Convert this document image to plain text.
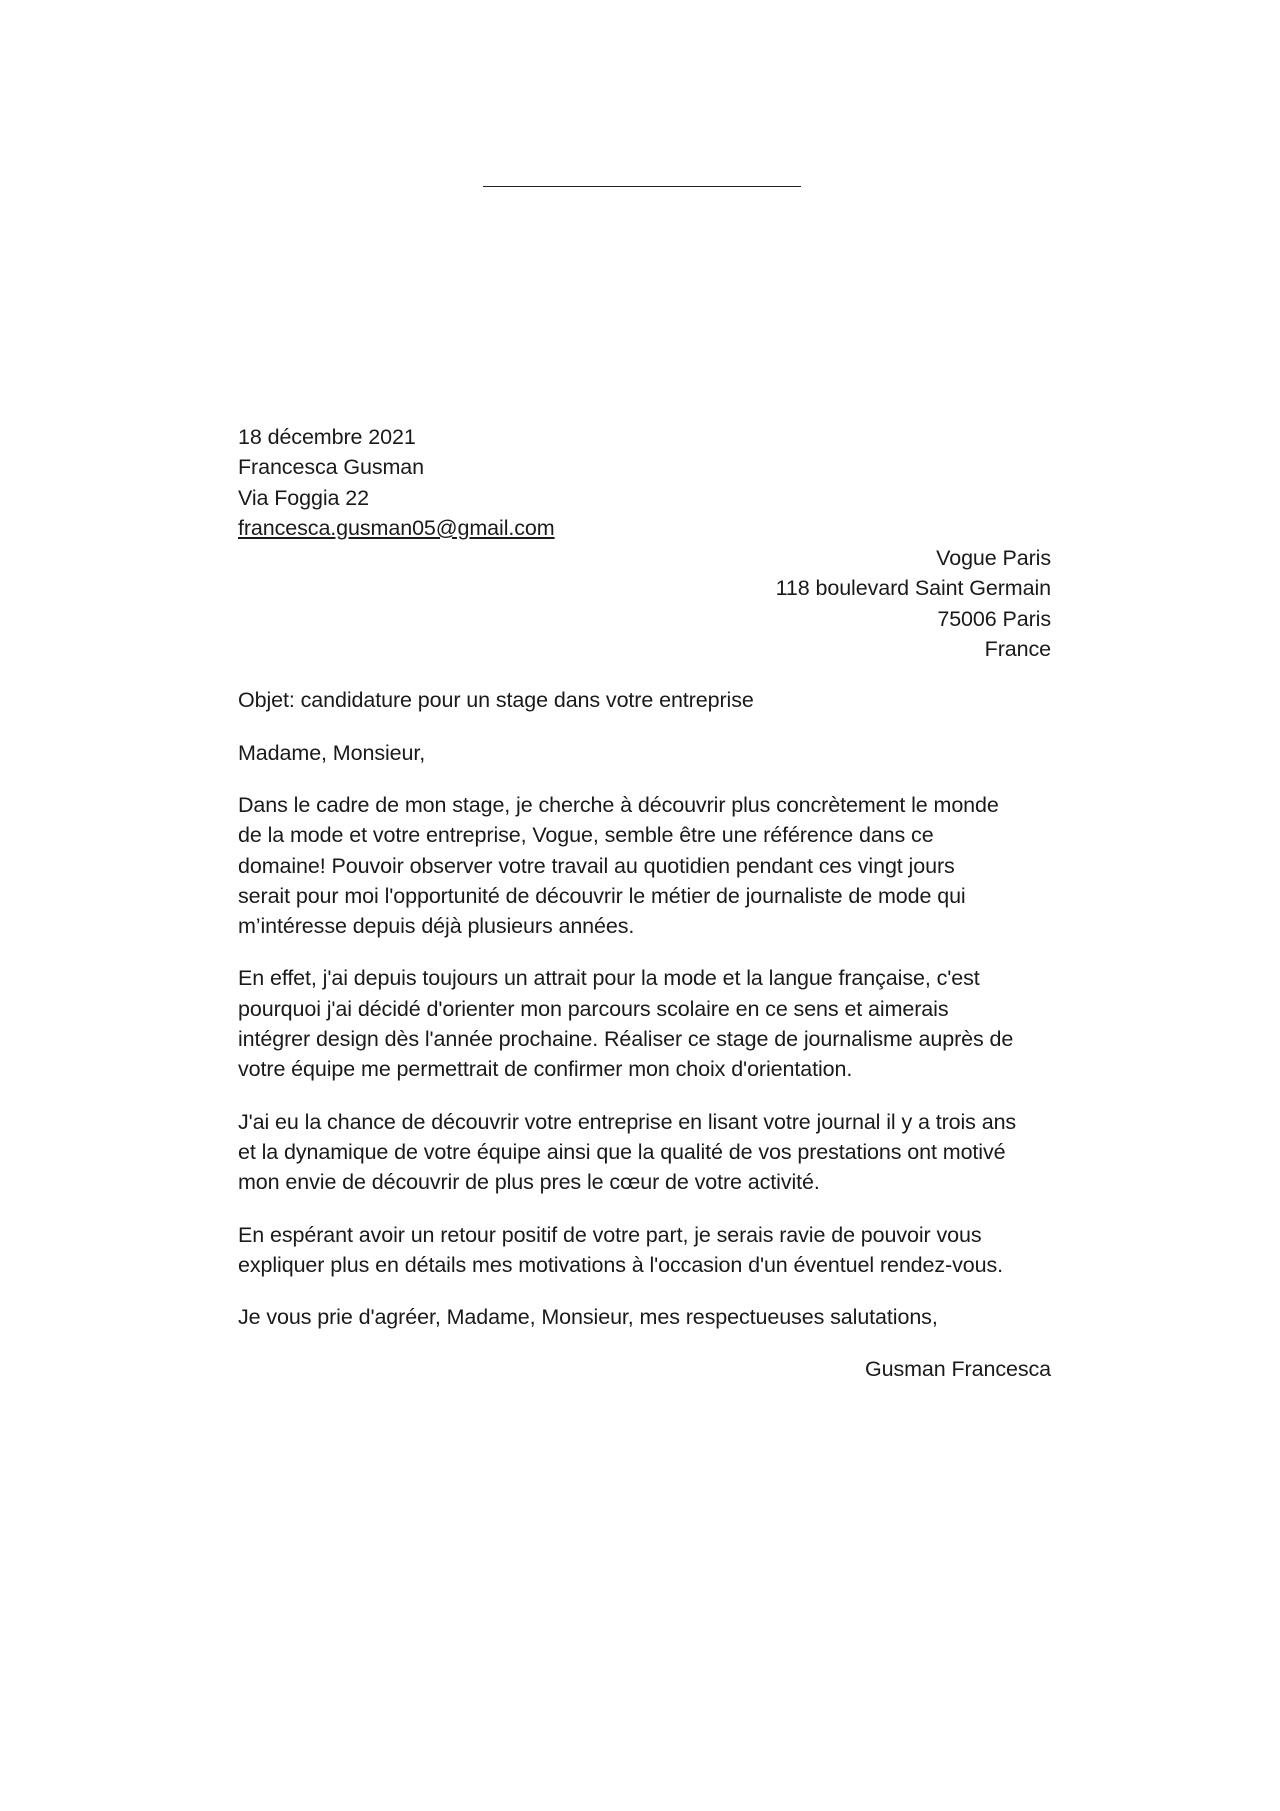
18 décembre 2021
Francesca Gusman
Via Foggia 22
francesca.gusman05@gmail.com
Vogue Paris
118 boulevard Saint Germain
75006 Paris
France
Objet: candidature pour un stage dans votre entreprise
Madame, Monsieur,
Dans le cadre de mon stage, je cherche à découvrir plus concrètement le monde
de la mode et votre entreprise, Vogue, semble être une référence dans ce
domaine! Pouvoir observer votre travail au quotidien pendant ces vingt jours
serait pour moi l'opportunité de découvrir le métier de journaliste de mode qui
m’intéresse depuis déjà plusieurs années.
En effet, j'ai depuis toujours un attrait pour la mode et la langue française, c'est
pourquoi j'ai décidé d'orienter mon parcours scolaire en ce sens et aimerais
intégrer design dès l'année prochaine. Réaliser ce stage de journalisme auprès de
votre équipe me permettrait de confirmer mon choix d'orientation.
J'ai eu la chance de découvrir votre entreprise en lisant votre journal il y a trois ans
et la dynamique de votre équipe ainsi que la qualité de vos prestations ont motivé
mon envie de découvrir de plus pres le cœur de votre activité.
En espérant avoir un retour positif de votre part, je serais ravie de pouvoir vous
expliquer plus en détails mes motivations à l'occasion d'un éventuel rendez-vous.
Je vous prie d'agréer, Madame, Monsieur, mes respectueuses salutations,
Gusman Francesca
